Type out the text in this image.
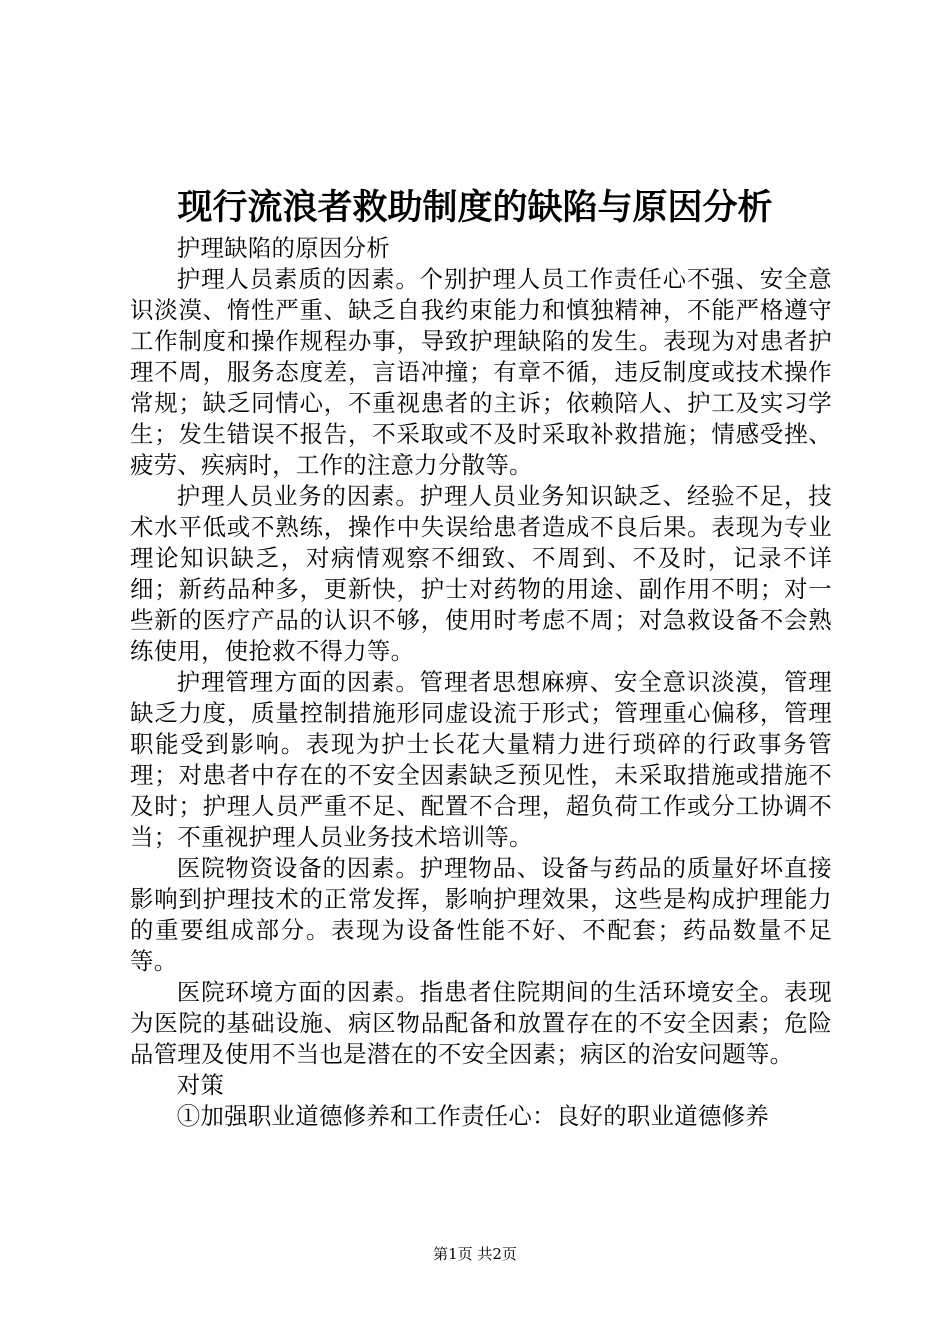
现行流浪者救助制度的缺陷与原因分析

护理缺陷的原因分析

护理人员素质的因素。个别护理人员工作责任心不强、安全意识淡漠、惰性严重、缺乏自我约束能力和慎独精神，不能严格遵守工作制度和操作规程办事，导致护理缺陷的发生。表现为对患者护理不周，服务态度差，言语冲撞；有章不循，违反制度或技术操作常规；缺乏同情心，不重视患者的主诉；依赖陪人、护工及实习学生；发生错误不报告，不采取或不及时采取补救措施；情感受挫、疲劳、疾病时，工作的注意力分散等。

护理人员业务的因素。护理人员业务知识缺乏、经验不足，技术水平低或不熟练，操作中失误给患者造成不良后果。表现为专业理论知识缺乏，对病情观察不细致、不周到、不及时，记录不详细；新药品种多，更新快，护士对药物的用途、副作用不明；对一些新的医疗产品的认识不够，使用时考虑不周；对急救设备不会熟练使用，使抢救不得力等。

护理管理方面的因素。管理者思想麻痹、安全意识淡漠，管理缺乏力度，质量控制措施形同虚设流于形式；管理重心偏移，管理职能受到影响。表现为护士长花大量精力进行琐碎的行政事务管理；对患者中存在的不安全因素缺乏预见性，未采取措施或措施不及时；护理人员严重不足、配置不合理，超负荷工作或分工协调不当；不重视护理人员业务技术培训等。

医院物资设备的因素。护理物品、设备与药品的质量好坏直接影响到护理技术的正常发挥，影响护理效果，这些是构成护理能力的重要组成部分。表现为设备性能不好、不配套；药品数量不足等。

医院环境方面的因素。指患者住院期间的生活环境安全。表现为医院的基础设施、病区物品配备和放置存在的不安全因素；危险品管理及使用不当也是潜在的不安全因素；病区的治安问题等。

对策

①加强职业道德修养和工作责任心：良好的职业道德修养

第1页 共2页
